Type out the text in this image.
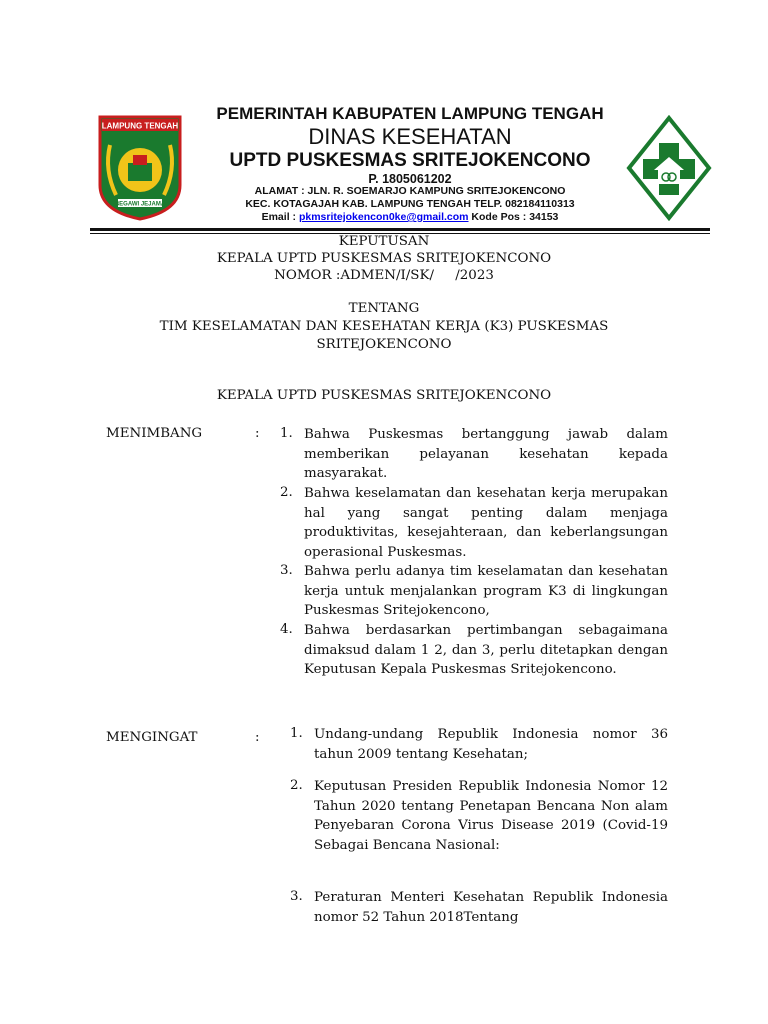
LAMPUNG TENGAH
BEGAWI JEJAMA
PEMERINTAH KABUPATEN LAMPUNG TENGAH
DINAS KESEHATAN
UPTD PUSKESMAS SRITEJOKENCONO
P. 1805061202
ALAMAT : JLN. R. SOEMARJO KAMPUNG SRITEJOKENCONO
KEC. KOTAGAJAH KAB. LAMPUNG TENGAH TELP. 082184110313
Email : pkmsritejokencon0ke@gmail.com Kode Pos : 34153
KEPUTUSAN
KEPALA UPTD PUSKESMAS SRITEJOKENCONO
NOMOR :ADMEN/I/SK/     /2023
TENTANG
TIM KESELAMATAN DAN KESEHATAN KERJA (K3) PUSKESMAS
SRITEJOKENCONO
KEPALA UPTD PUSKESMAS SRITEJOKENCONO
MENIMBANG	: 1. Bahwa Puskesmas bertanggung jawab dalam memberikan pelayanan kesehatan kepada masyarakat.
2. Bahwa keselamatan dan kesehatan kerja merupakan hal yang sangat penting dalam menjaga produktivitas, kesejahteraan, dan keberlangsungan operasional Puskesmas.
3. Bahwa perlu adanya tim keselamatan dan kesehatan kerja untuk menjalankan program K3 di lingkungan Puskesmas Sritejokencono,
4. Bahwa berdasarkan pertimbangan sebagaimana dimaksud dalam 1 2, dan 3, perlu ditetapkan dengan Keputusan Kepala Puskesmas Sritejokencono.
MENGINGAT	: 1. Undang-undang Republik Indonesia nomor 36 tahun 2009 tentang Kesehatan;
2. Keputusan Presiden Republik Indonesia Nomor 12 Tahun 2020 tentang Penetapan Bencana Non alam Penyebaran Corona Virus Disease 2019 (Covid-19 Sebagai Bencana Nasional:
3. Peraturan Menteri Kesehatan Republik Indonesia nomor 52 Tahun 2018Tentang
